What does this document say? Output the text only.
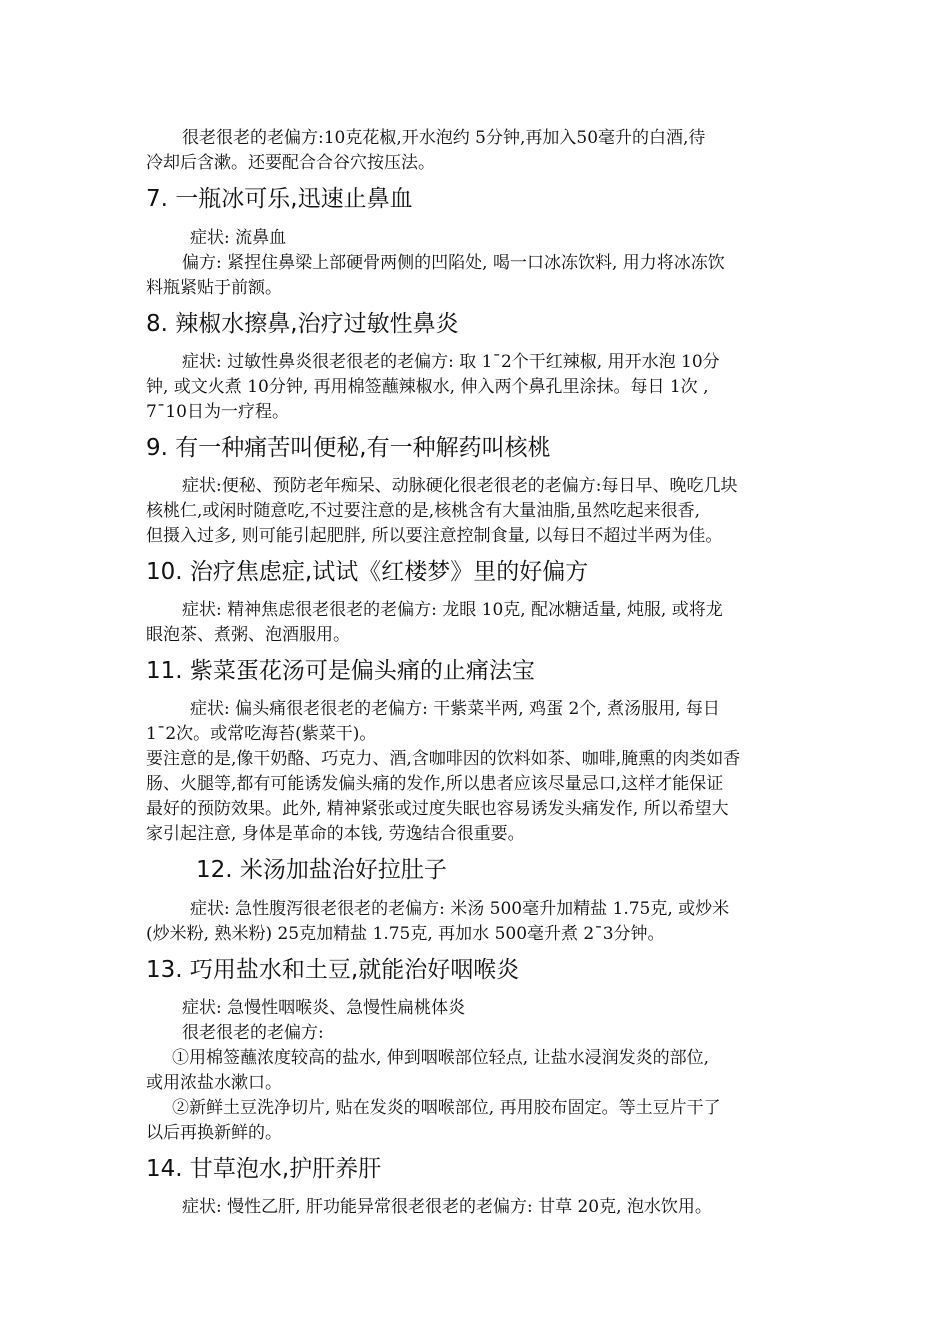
很老很老的老偏方:10克花椒,开水泡约 5分钟,再加入50毫升的白酒,待

冷却后含漱。还要配合合谷穴按压法。

7. 一瓶冰可乐,迅速止鼻血

症状: 流鼻血

偏方: 紧捏住鼻梁上部硬骨两侧的凹陷处, 喝一口冰冻饮料, 用力将冰冻饮

料瓶紧贴于前额。

8. 辣椒水擦鼻,治疗过敏性鼻炎

症状: 过敏性鼻炎很老很老的老偏方: 取 1¯2个干红辣椒, 用开水泡 10分

钟, 或文火煮 10分钟, 再用棉签蘸辣椒水, 伸入两个鼻孔里涂抹。每日 1次 ,

7¯10日为一疗程。

9. 有一种痛苦叫便秘,有一种解药叫核桃

症状:便秘、预防老年痴呆、动脉硬化很老很老的老偏方:每日早、晚吃几块

核桃仁,或闲时随意吃,不过要注意的是,核桃含有大量油脂,虽然吃起来很香,

但摄入过多, 则可能引起肥胖, 所以要注意控制食量, 以每日不超过半两为佳。

10. 治疗焦虑症,试试《红楼梦》里的好偏方

症状: 精神焦虑很老很老的老偏方: 龙眼 10克, 配冰糖适量, 炖服, 或将龙

眼泡茶、煮粥、泡酒服用。

11. 紫菜蛋花汤可是偏头痛的止痛法宝

症状: 偏头痛很老很老的老偏方: 干紫菜半两, 鸡蛋 2个, 煮汤服用, 每日

1¯2次。或常吃海苔(紫菜干)。

要注意的是,像干奶酪、巧克力、酒,含咖啡因的饮料如茶、咖啡,腌熏的肉类如香

肠、火腿等,都有可能诱发偏头痛的发作,所以患者应该尽量忌口,这样才能保证

最好的预防效果。此外, 精神紧张或过度失眠也容易诱发头痛发作, 所以希望大

家引起注意, 身体是革命的本钱, 劳逸结合很重要。

12. 米汤加盐治好拉肚子

症状: 急性腹泻很老很老的老偏方: 米汤 500毫升加精盐 1.75克, 或炒米

(炒米粉, 熟米粉) 25克加精盐 1.75克, 再加水 500毫升煮 2¯3分钟。

13. 巧用盐水和土豆,就能治好咽喉炎

症状: 急慢性咽喉炎、急慢性扁桃体炎

很老很老的老偏方:

①用棉签蘸浓度较高的盐水, 伸到咽喉部位轻点, 让盐水浸润发炎的部位,

或用浓盐水漱口。

②新鲜土豆洗净切片, 贴在发炎的咽喉部位, 再用胶布固定。等土豆片干了

以后再换新鲜的。

14. 甘草泡水,护肝养肝

症状: 慢性乙肝, 肝功能异常很老很老的老偏方: 甘草 20克, 泡水饮用。
